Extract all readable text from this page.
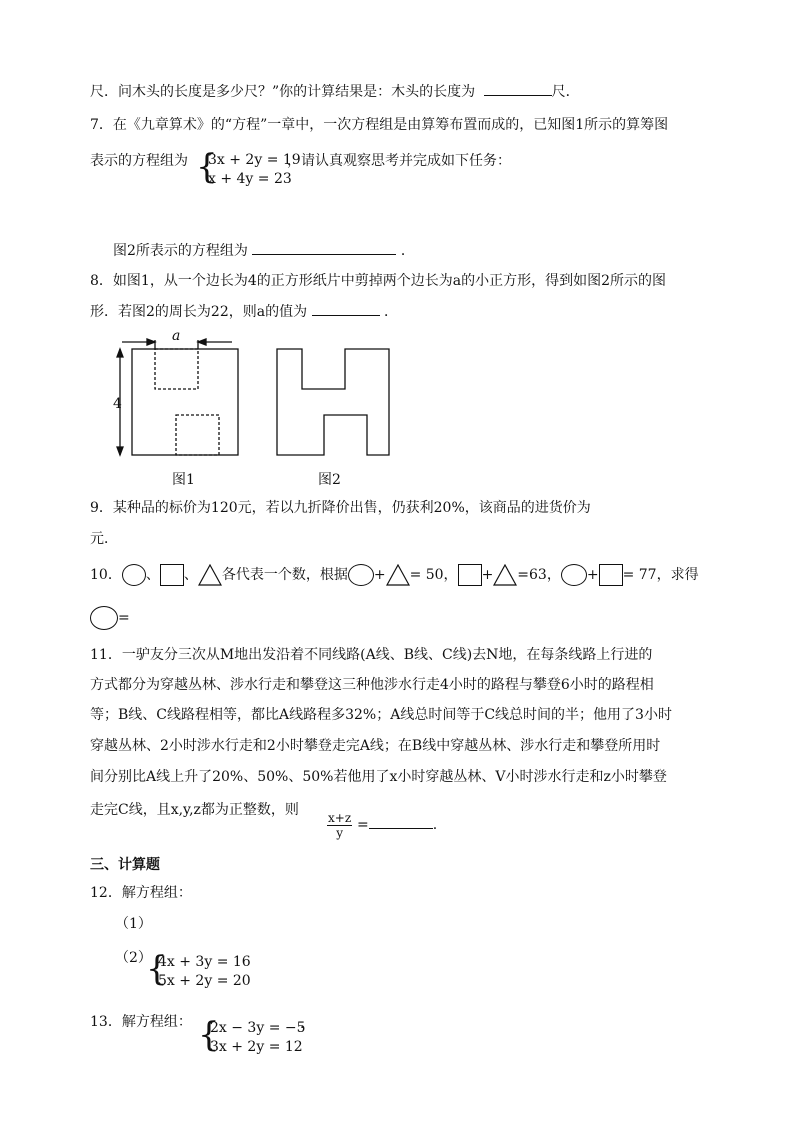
尺．问木头的长度是多少尺？”你的计算结果是：木头的长度为	尺．
7．在《九章算术》的“方程”一章中，一次方程组是由算筹布置而成的，已知图1所示的算筹图
表示的方程组为 {
3x + 2y = 19
x + 4y = 23
，请认真观察思考并完成如下任务：
图2所表示的方程组为	．
8．如图1，从一个边长为4的正方形纸片中剪掉两个边长为a的小正方形，得到如图2所示的图
形．若图2的周长为22，则a的值为	．
a
4
图1	图2
9．某种品的标价为120元，若以九折降价出售，仍获利20%，该商品的进货价为
元．
10． 、 、 各代表一个数，根据 + = 50， + =63， + = 77，求得
=
11．一驴友分三次从M地出发沿着不同线路(A线、B线、C线)去N地，在每条线路上行进的
方式都分为穿越丛林、涉水行走和攀登这三种他涉水行走4小时的路程与攀登6小时的路程相
等；B线、C线路程相等，都比A线路程多32%；A线总时间等于C线总时间的半；他用了3小时
穿越丛林、2小时涉水行走和2小时攀登走完A线；在B线中穿越丛林、涉水行走和攀登所用时
间分别比A线上升了20%、50%、50%若他用了x小时穿越丛林、V小时涉水行走和z小时攀登
走完C线，且x,y,z都为正整数，则
$\frac{x+z}{y}$ =	.
三、计算题
12．解方程组：
（1）
（2）
{
4x + 3y = 16
5x + 2y = 20
13．解方程组： {
2x − 3y = −5
3x + 2y = 12
．
